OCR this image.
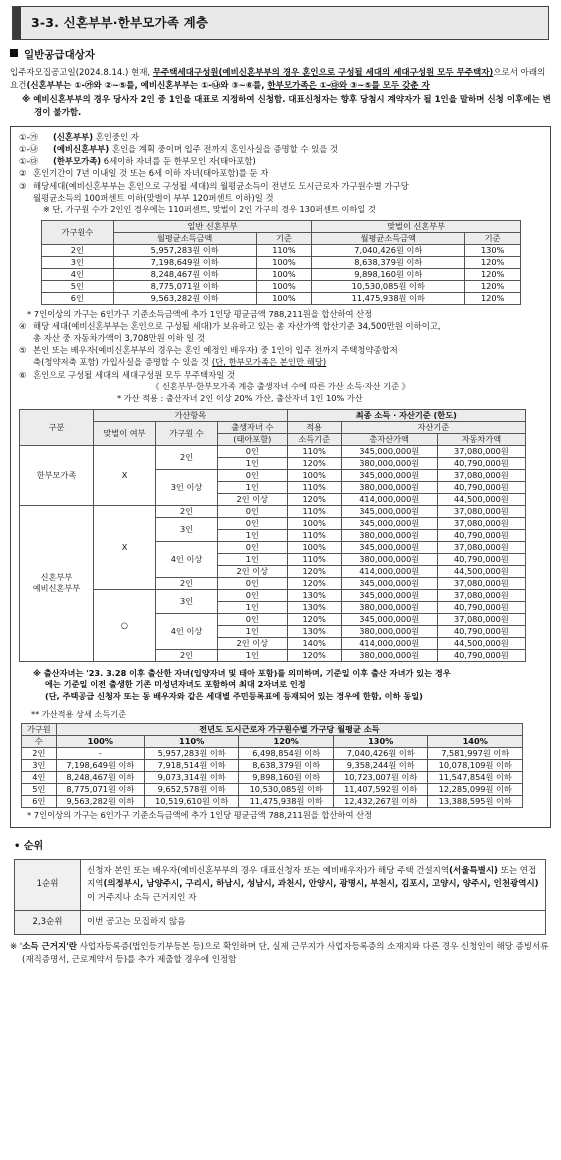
3-3. 신혼부부·한부모가족 계층
일반공급대상자

입주자모집공고일(2024.8.14.) 현재, 무주택세대구성원(예비신혼부부의 경우 혼인으로 구성될 세대의 세대구성원 모두 무주택자)으로서 아래의 요건(신혼부부는 ①-㉮와 ②~⑤를, 예비신혼부부는 ①-㉯와 ③~⑥를, 한부모가족은 ①-㉰와 ③~⑤를 모두 갖춘 자

※ 예비신혼부부의 경우 당사자 2인 중 1인을 대표로 지정하여 신청함. 대표신청자는 향후 당첨시 계약자가 될 1인을 말하며 신청 이후에는 변경이 불가함.

①-㉮	(신혼부부) 혼인중인 자
①-㉯	(예비신혼부부) 혼인을 계획 중이며 입주 전까지 혼인사실을 증명할 수 있을 것
①-㉰	(한부모가족) 6세이하 자녀를 둔 한부모인 자(태아포함)
② 혼인기간이 7년 이내일 것 또는 6세 이하 자녀(태아포함)를 둔 자
③ 해당세대(예비신혼부부는 혼인으로 구성될 세대)의 월평균소득이 전년도 도시근로자 가구원수별 가구당
월평균소득의 100퍼센트 이하(맞벌이 부부 120퍼센트 이하)일 것
※ 단, 가구원 수가 2인인 경우에는 110퍼센트, 맞벌이 2인 가구의 경우 130퍼센트 이하일 것
가구원수	일반 신혼부부		맞벌이 신혼부부	
	월평균소득금액	기준	월평균소득금액	기준
2인	5,957,283원 이하	110%	7,040,426원 이하	130%
3인	7,198,649원 이하	100%	8,638,379원 이하	120%
4인	8,248,467원 이하	100%	9,898,160원 이하	120%
5인	8,775,071원 이하	100%	10,530,085원 이하	120%
6인	9,563,282원 이하	100%	11,475,938원 이하	120%
* 7인이상의 가구는 6인가구 기준소득금액에 추가 1인당 평균금액 788,211원을 합산하여 산정
④ 해당 세대(예비신혼부부는 혼인으로 구성될 세대)가 보유하고 있는 총 자산가액 합산기준 34,500만원 이하이고,
총 자산 중 자동차가액이 3,708만원 이하 일 것
⑤ 본인 또는 배우자(예비신혼부부의 경우는 혼인 예정인 배우자) 중 1인이 입주 전까지 주택청약종합저
축(청약저축 포함) 가입사실을 증명할 수 있을 것 (단, 한부모가족은 본인만 해당)
⑥ 혼인으로 구성될 세대의 세대구성원 모두 무주택자일 것
《 신혼부부·한부모가족 계층 출생자녀 수에 따른 가산 소득·자산 기준 》
* 가산 적용 : 출산자녀 2인 이상 20% 가산, 출산자녀 1인 10% 가산
구분	가산항목			최종 소득 · 자산기준 (한도)		
	맞벌이 여부	가구원 수	출생자녀 수	적용	자산기준	
			(태아포함)	소득기준	총자산가액	자동차가액
한부모가족	X	2인	0인	110%	345,000,000원	37,080,000원
			1인	120%	380,000,000원	40,790,000원
		3인 이상	0인	100%	345,000,000원	37,080,000원
			1인	110%	380,000,000원	40,790,000원
			2인 이상	120%	414,000,000원	44,500,000원
신혼부부
예비신혼부부	X	2인	0인	110%	345,000,000원	37,080,000원
		3인	0인	100%	345,000,000원	37,080,000원
			1인	110%	380,000,000원	40,790,000원
		4인 이상	0인	100%	345,000,000원	37,080,000원
			1인	110%	380,000,000원	40,790,000원
			2인 이상	120%	414,000,000원	44,500,000원
		2인	0인	120%	345,000,000원	37,080,000원
	○	3인	0인	130%	345,000,000원	37,080,000원
			1인	130%	380,000,000원	40,790,000원
		4인 이상	0인	120%	345,000,000원	37,080,000원
			1인	130%	380,000,000원	40,790,000원
			2인 이상	140%	414,000,000원	44,500,000원
		2인	1인	120%	380,000,000원	40,790,000원
※ 출산자녀는 '23. 3.28 이후 출산한 자녀(입양자녀 및 태아 포함)를 의미하며, 기준일 이후 출산 자녀가 있는 경우
에는 기준일 이전 출생한 기존 미성년자녀도 포함하여 최대 2자녀로 인정
(단, 주택공급 신청자 또는 동 배우자와 같은 세대별 주민등록표에 등재되어 있는 경우에 한함, 이하 동일)
** 가산적용 상세 소득기준
가구원	전년도 도시근로자 가구원수별 가구당 월평균 소득				
수	100%	110%	120%	130%	140%
2인	-	5,957,283원 이하	6,498,854원 이하	7,040,426원 이하	7,581,997원 이하
3인	7,198,649원 이하	7,918,514원 이하	8,638,379원 이하	9,358,244원 이하	10,078,109원 이하
4인	8,248,467원 이하	9,073,314원 이하	9,898,160원 이하	10,723,007원 이하	11,547,854원 이하
5인	8,775,071원 이하	9,652,578원 이하	10,530,085원 이하	11,407,592원 이하	12,285,099원 이하
6인	9,563,282원 이하	10,519,610원 이하	11,475,938원 이하	12,432,267원 이하	13,388,595원 이하
* 7인이상의 가구는 6인가구 기준소득금액에 추가 1인당 평균금액 788,211원을 합산하여 산정
• 순위
1순위	신청자 본인 또는 배우자(예비신혼부부의 경우 대표신청자 또는 예비배우자)가 해당 주택 건설지역(서울특별시) 또는 연접지역(의정부시, 남양주시, 구리시, 하남시, 성남시, 과천시, 안양시, 광명시, 부천시, 김포시, 고양시, 양주시, 인천광역시)이 거주지나 소득 근거지인 자
2,3순위	이번 공고는 모집하지 않음

※ '소득 근거지'란 사업자등록증(법인등기부등본 등)으로 확인하며 단, 실제 근무지가 사업자등록증의 소재지와 다른 경우 신청인이 해당 증빙서류(재직증명서, 근로계약서 등)를 추가 제출할 경우에 인정함
